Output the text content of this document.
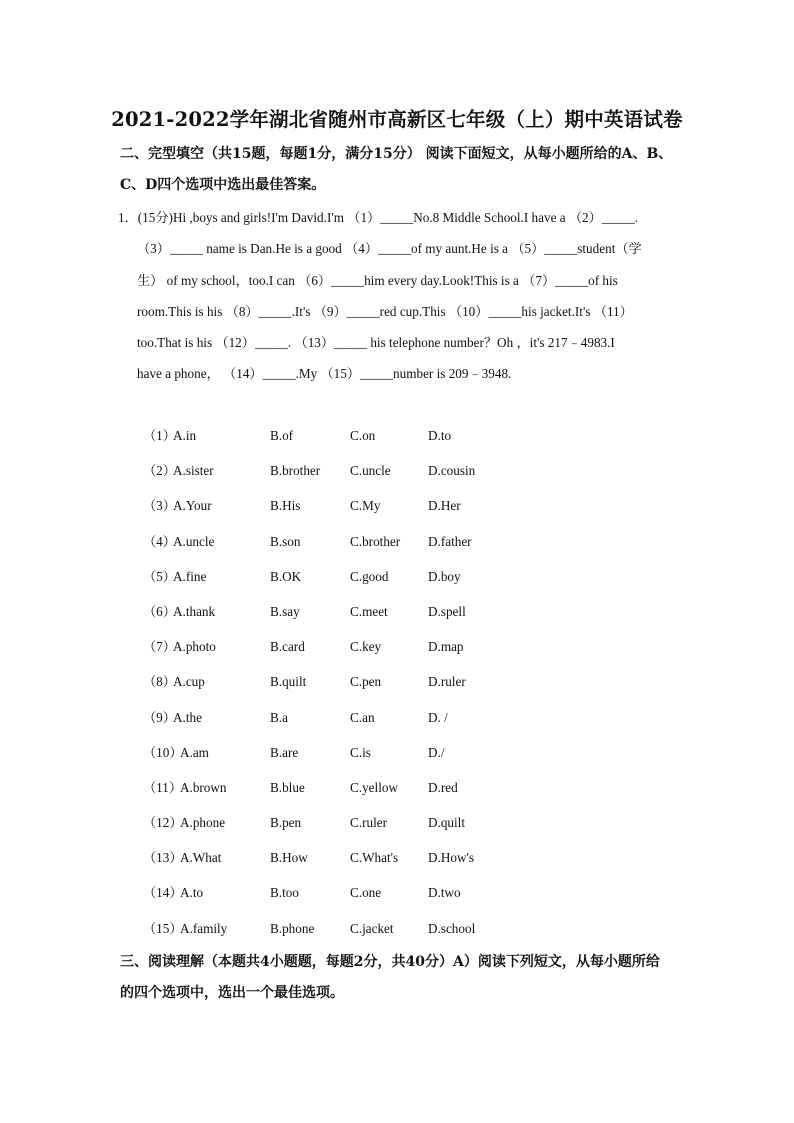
2021-2022学年湖北省随州市高新区七年级（上）期中英语试卷
二、完型填空（共15题，每题1分，满分15分） 阅读下面短文，从每小题所给的A、B、
C、D四个选项中选出最佳答案。
1．(15分)Hi ,boys and girls!I'm David.I'm （1）_____No.8 Middle School.I have a （2）_____.
（3）_____ name is Dan.He is a good （4）_____of my aunt.He is a （5）_____student（学
生） of my school，too.I can （6）_____him every day.Look!This is a （7）_____of his
room.This is his （8）_____.It's （9）_____red cup.This （10）_____his jacket.It's （11）
too.That is his （12）_____. （13）_____ his telephone number？Oh ，it's 217﹣4983.I
have a phone， （14）_____.My （15）_____number is 209﹣3948.
（1）
A.in	B.of	C.on	D.to
（2）
A.sister	B.brother C.uncle	D.cousin
（3）
A.Your	B.His	C.My	D.Her
（4）
A.uncle	B.son	C.brother D.father
（5）
A.fine	B.OK	C.good	D.boy
（6）
A.thank	B.say	C.meet	D.spell
（7）
A.photo	B.card	C.key	D.map
（8）
A.cup	B.quilt	C.pen	D.ruler
（9）
A.the	B.a	C.an	D. /
（10）
A.am	B.are	C.is	D./
（11）
A.brown	B.blue	C.yellow D.red
（12）
A.phone	B.pen	C.ruler	D.quilt
（13）
A.What	B.How	C.What's D.How's
（14）
A.to	B.too	C.one	D.two
（15）
A.family	B.phone	C.jacket	D.school
三、阅读理解（本题共4小题题，每题2分，共40分）A）阅读下列短文，从每小题所给
的四个选项中，选出一个最佳选项。
